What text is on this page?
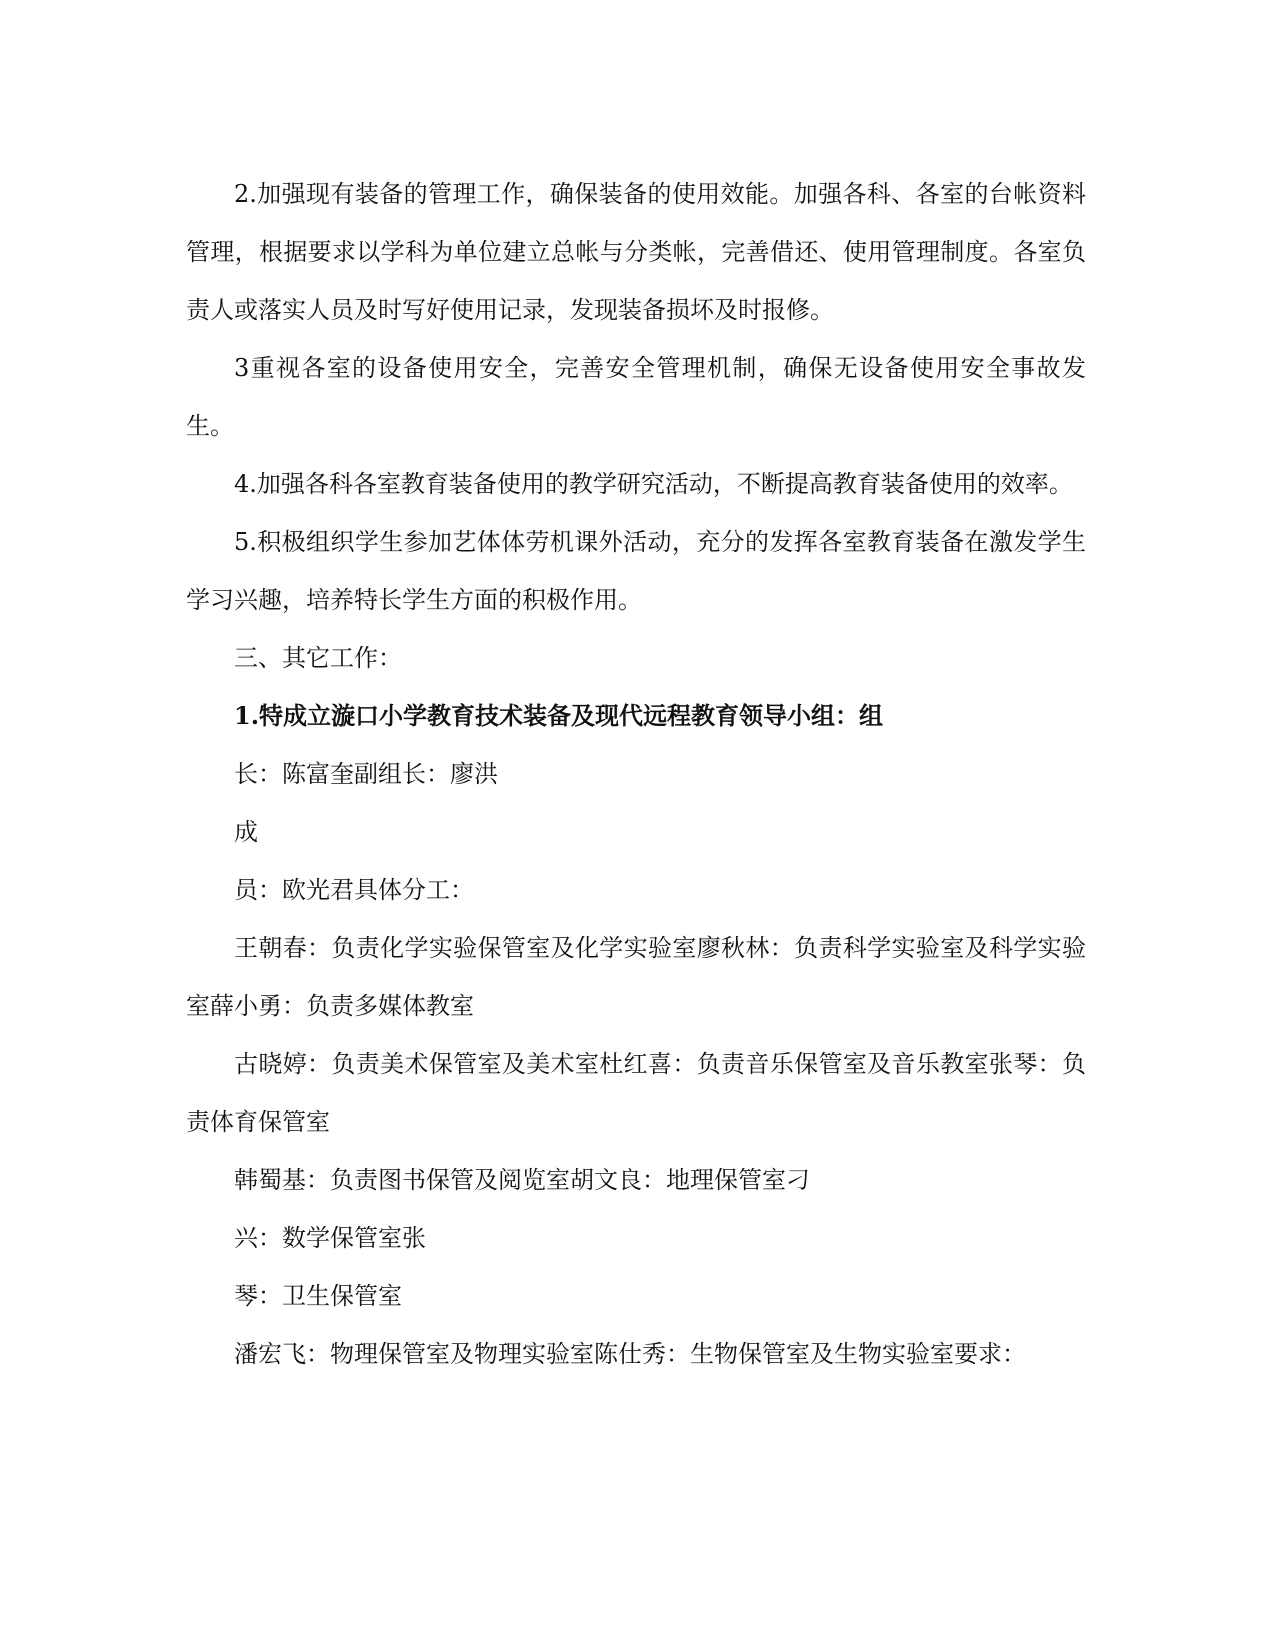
2.加强现有装备的管理工作，确保装备的使用效能。加强各科、各室的台帐资料管理，根据要求以学科为单位建立总帐与分类帐，完善借还、使用管理制度。各室负责人或落实人员及时写好使用记录，发现装备损坏及时报修。

3重视各室的设备使用安全，完善安全管理机制，确保无设备使用安全事故发生。

4.加强各科各室教育装备使用的教学研究活动，不断提高教育装备使用的效率。

5.积极组织学生参加艺体体劳机课外活动，充分的发挥各室教育装备在激发学生学习兴趣，培养特长学生方面的积极作用。

三、其它工作：

1.特成立漩口小学教育技术装备及现代远程教育领导小组：组

长：陈富奎副组长：廖洪

成

员：欧光君具体分工：

王朝春：负责化学实验保管室及化学实验室廖秋林：负责科学实验室及科学实验室薛小勇：负责多媒体教室

古晓婷：负责美术保管室及美术室杜红喜：负责音乐保管室及音乐教室张琴：负责体育保管室

韩蜀基：负责图书保管及阅览室胡文良：地理保管室刁

兴：数学保管室张

琴：卫生保管室

潘宏飞：物理保管室及物理实验室陈仕秀：生物保管室及生物实验室要求：
